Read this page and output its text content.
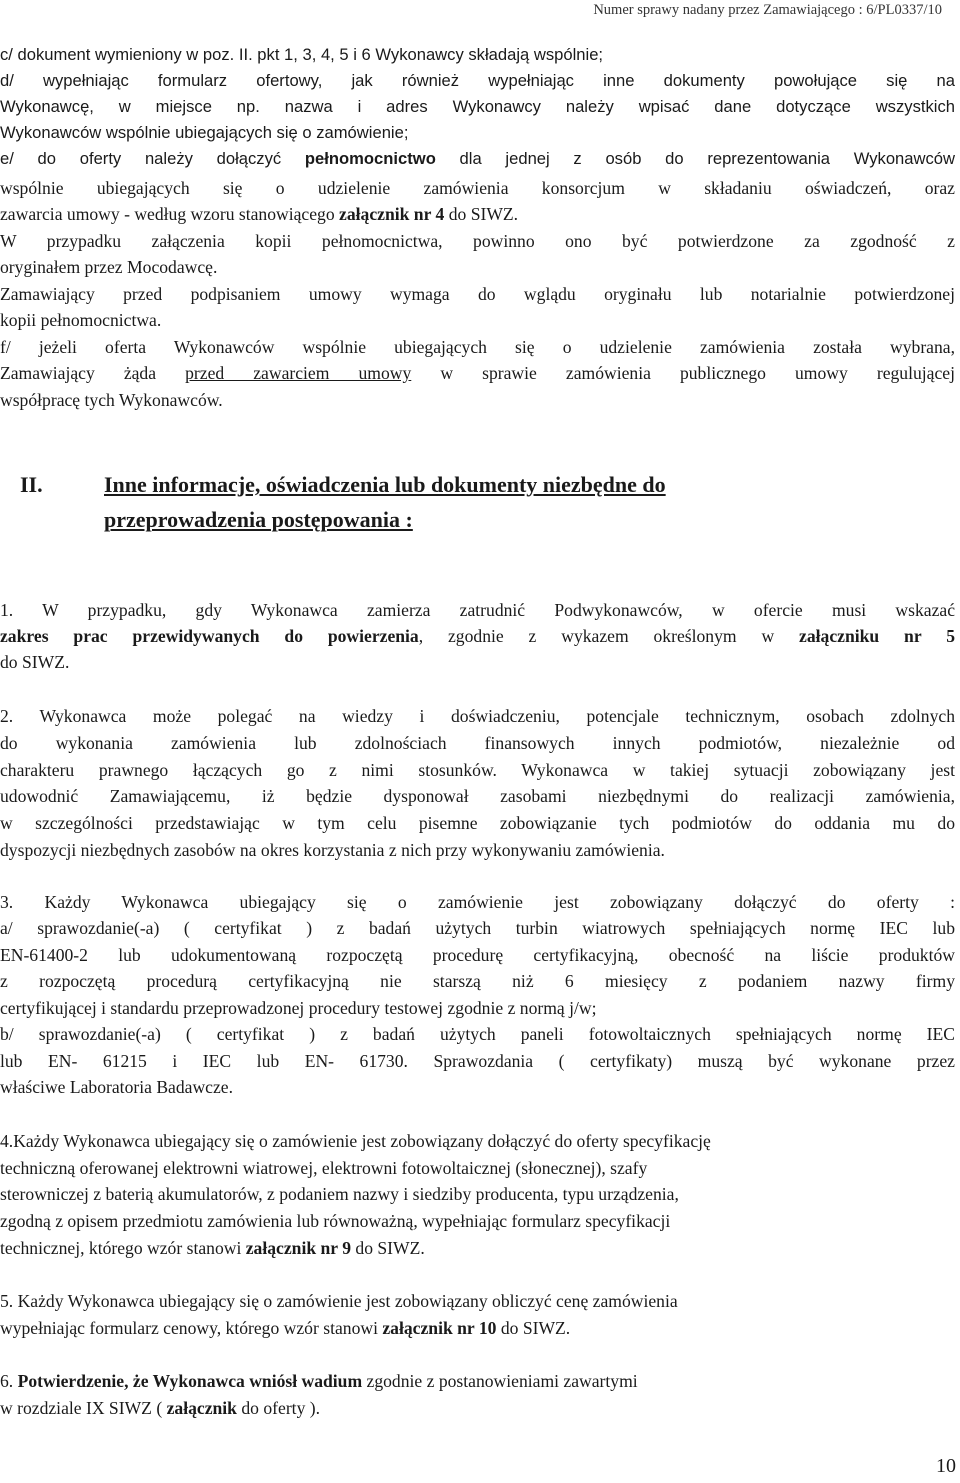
Numer sprawy nadany przez Zamawiającego : 6/PL0337/10

c/ dokument wymieniony w poz. II. pkt 1, 3, 4, 5 i 6 Wykonawcy składają wspólnie;

d/ wypełniając formularz ofertowy, jak również wypełniając inne dokumenty powołujące się na

Wykonawcę, w miejsce np. nazwa i adres Wykonawcy należy wpisać dane dotyczące wszystkich

Wykonawców wspólnie ubiegających się o zamówienie;

e/ do oferty należy dołączyć pełnomocnictwo dla jednej z osób do reprezentowania Wykonawców

wspólnie ubiegających się o udzielenie zamówienia konsorcjum w składaniu oświadczeń, oraz

zawarcia umowy - według wzoru stanowiącego załącznik nr 4 do SIWZ.

W przypadku załączenia kopii pełnomocnictwa, powinno ono być potwierdzone za zgodność z

oryginałem przez Mocodawcę.

Zamawiający przed podpisaniem umowy wymaga do wglądu oryginału lub notarialnie potwierdzonej

kopii pełnomocnictwa.

f/ jeżeli oferta Wykonawców wspólnie ubiegających się o udzielenie zamówienia została wybrana,

Zamawiający żąda przed zawarciem umowy w sprawie zamówienia publicznego umowy regulującej

współpracę tych Wykonawców.

II.	Inne informacje, oświadczenia lub dokumenty niezbędne do
przeprowadzenia postępowania :

1. W przypadku, gdy Wykonawca zamierza zatrudnić Podwykonawców, w ofercie musi wskazać

zakres prac przewidywanych do powierzenia, zgodnie z wykazem określonym w załączniku nr 5

do SIWZ.

2. Wykonawca może polegać na wiedzy i doświadczeniu, potencjale technicznym, osobach zdolnych

do wykonania zamówienia lub zdolnościach finansowych innych podmiotów, niezależnie od

charakteru prawnego łączących go z nimi stosunków. Wykonawca w takiej sytuacji zobowiązany jest

udowodnić Zamawiającemu, iż będzie dysponował zasobami niezbędnymi do realizacji zamówienia,

w szczególności przedstawiając w tym celu pisemne zobowiązanie tych podmiotów do oddania mu do

dyspozycji niezbędnych zasobów na okres korzystania z nich przy wykonywaniu zamówienia.

3. Każdy Wykonawca ubiegający się o zamówienie jest zobowiązany dołączyć do oferty :

a/ sprawozdanie(-a) ( certyfikat ) z badań użytych turbin wiatrowych spełniających normę IEC lub

EN-61400-2 lub udokumentowaną rozpoczętą procedurę certyfikacyjną, obecność na liście produktów

z rozpoczętą procedurą certyfikacyjną nie starszą niż 6 miesięcy z podaniem nazwy firmy

certyfikującej i standardu przeprowadzonej procedury testowej zgodnie z normą j/w;

b/ sprawozdanie(-a) ( certyfikat ) z badań użytych paneli fotowoltaicznych spełniających normę IEC

lub EN- 61215 i IEC lub EN- 61730. Sprawozdania ( certyfikaty) muszą być wykonane przez

właściwe Laboratoria Badawcze.

4.Każdy Wykonawca ubiegający się o zamówienie jest zobowiązany dołączyć do oferty specyfikację

techniczną oferowanej elektrowni wiatrowej, elektrowni fotowoltaicznej (słonecznej), szafy

sterowniczej z baterią akumulatorów, z podaniem nazwy i siedziby producenta, typu urządzenia,

zgodną z opisem przedmiotu zamówienia lub równoważną, wypełniając formularz specyfikacji

technicznej, którego wzór stanowi załącznik nr 9 do SIWZ.

5. Każdy Wykonawca ubiegający się o zamówienie jest zobowiązany obliczyć cenę zamówienia

wypełniając formularz cenowy, którego wzór stanowi załącznik nr 10 do SIWZ.

6. Potwierdzenie, że Wykonawca wniósł wadium zgodnie z postanowieniami zawartymi

w rozdziale IX SIWZ ( załącznik do oferty ).

10
